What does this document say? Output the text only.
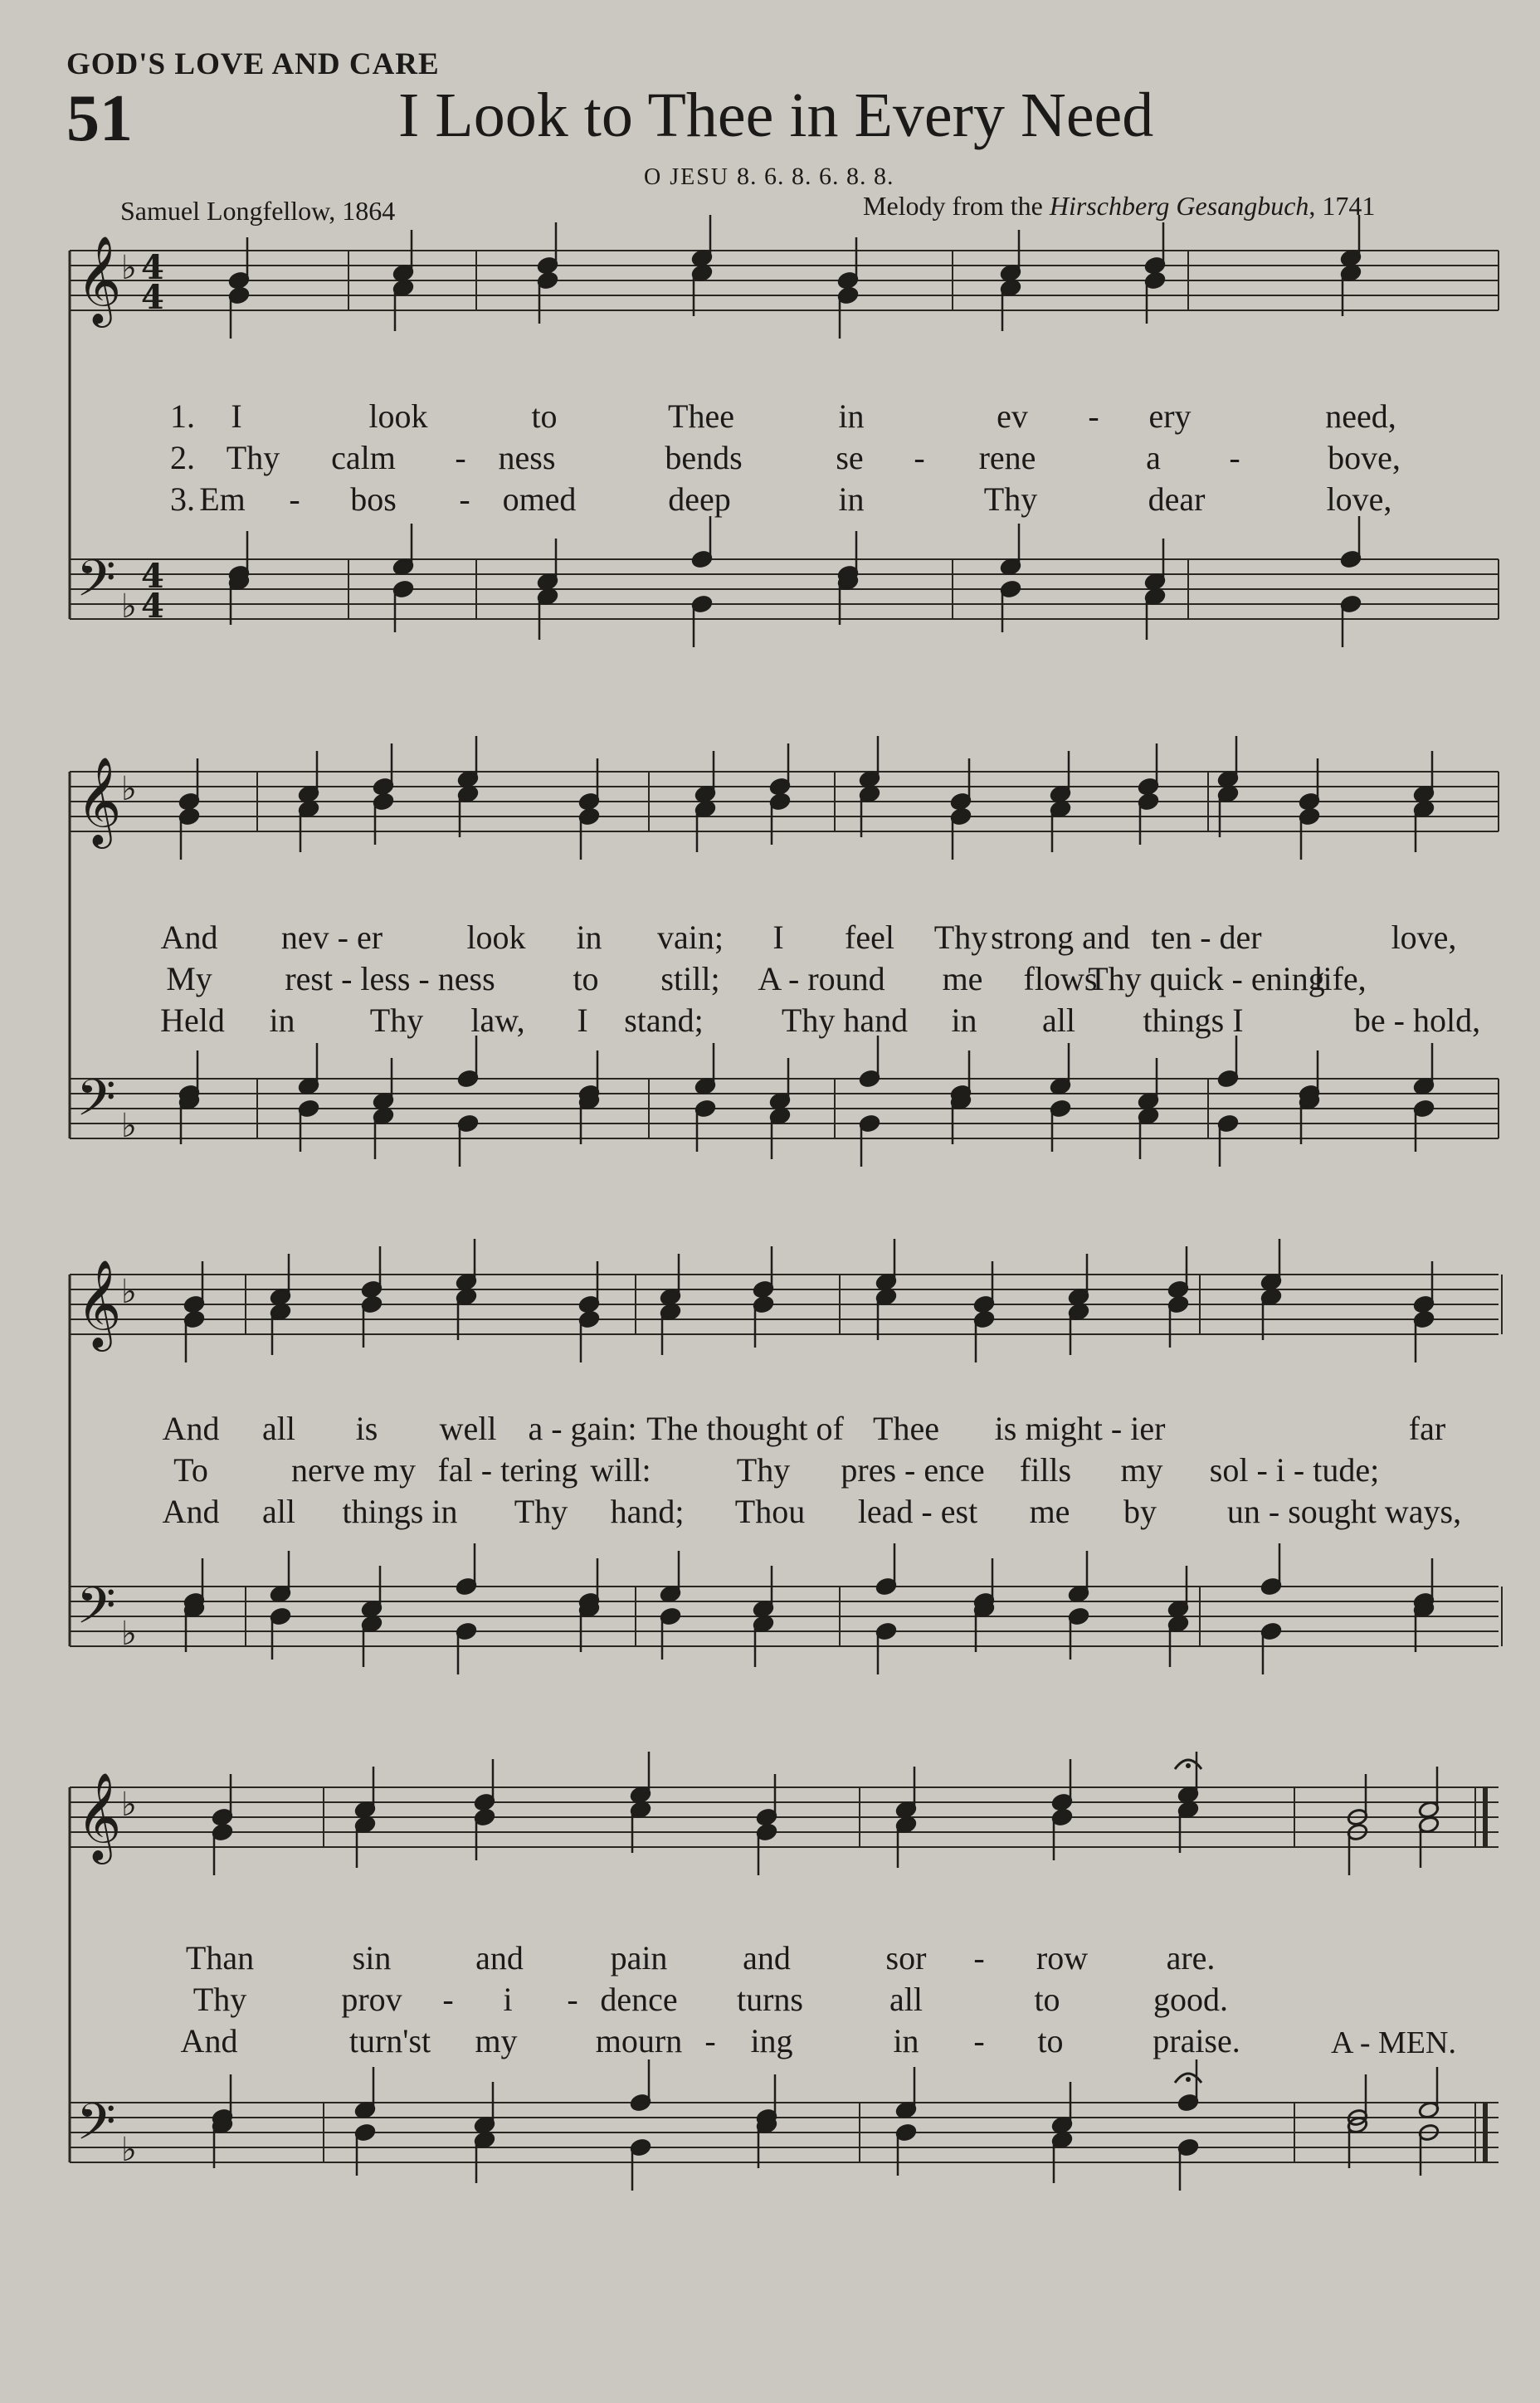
GOD'S LOVE AND CARE
51	I Look to Thee in Every Need
O JESU 8. 6. 8. 6. 8. 8.
Samuel Longfellow, 1864	Melody from the Hirschberg Gesangbuch, 1741
𝄞
𝄢
♭
♭
4
4
4
4
𝄞
𝄢
♭
♭
𝄞
𝄢
♭
♭
𝄞
𝄢
♭
♭
1. I	look	to	Thee	in	ev - ery	need,
2. Thy calm - ness	bends	se - rene	a -	bove,
3. Em - bos - omed	deep	in	Thy	dear	love,
And nev - er	look in vain; I feel Thy strong and ten - der	love,
My rest - less - ness to still; A - round me flows
Thy quick - ening
life,
Held in Thy law, I stand; Thy hand in all things I	be - hold,
And all is well a - gain: The thought of Thee is might - ier	far
To	nerve my fal - tering will:	Thy pres - ence fills my sol - i - tude;
And all things in Thy hand; Thou lead - est me by un - sought ways,
Than	sin	and	pain and	sor - row are.
Thy	prov - i - dence turns	all	to	good.
And	turn'st my mourn - ing	in - to	praise.	A - MEN.
